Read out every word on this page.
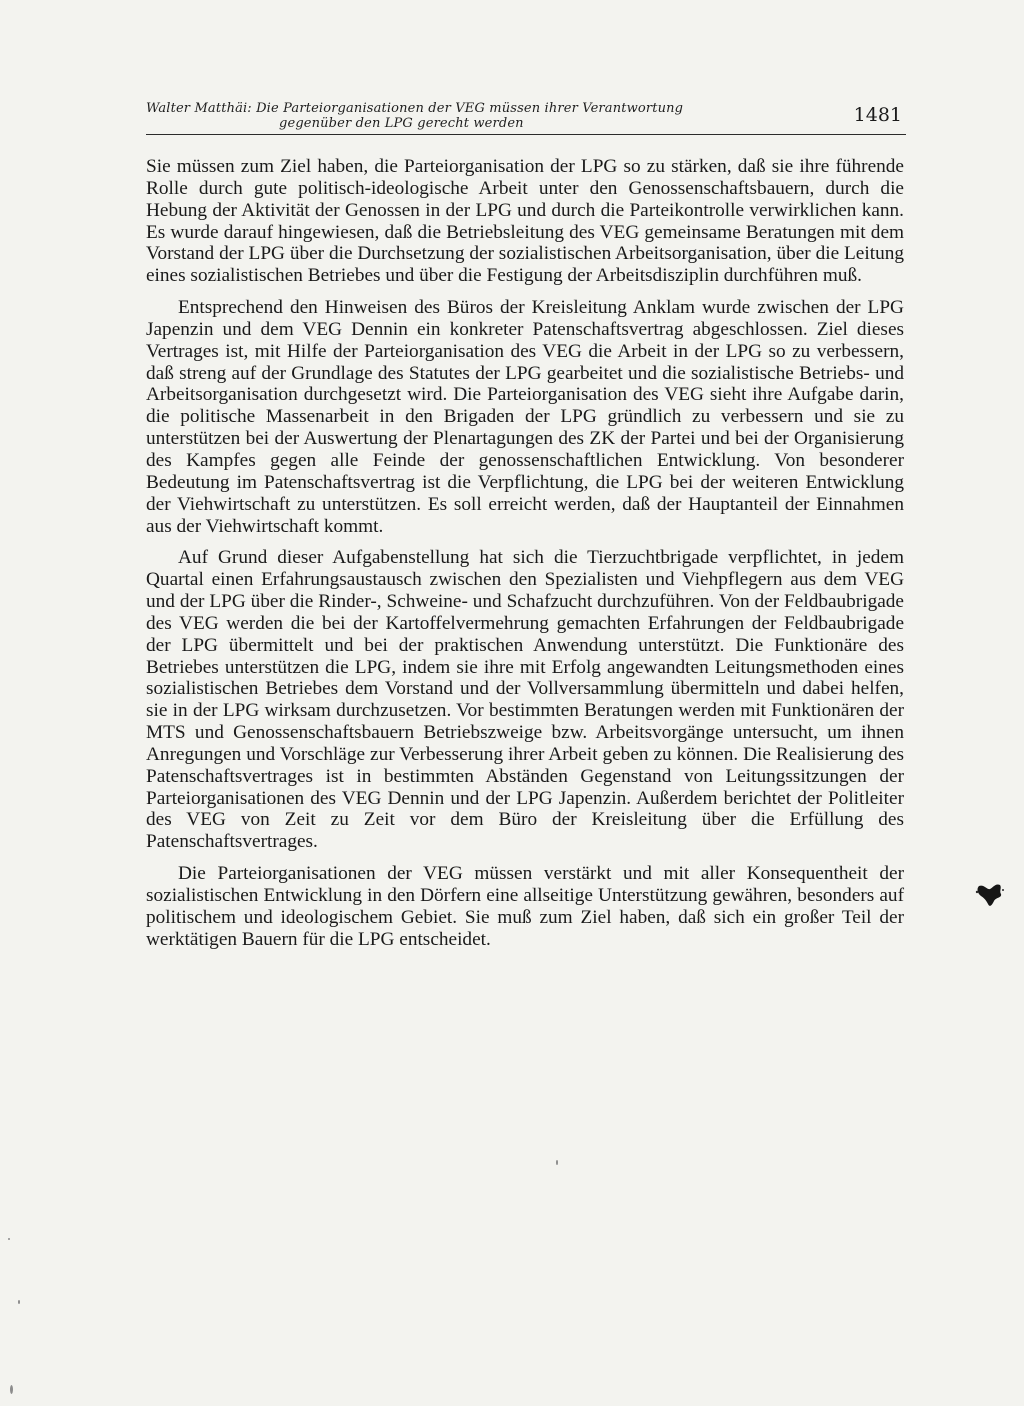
Walter Matthäi: Die Parteiorganisationen der VEG müssen ihrer Verantwortung
gegenüber den LPG gerecht werden	1481

Sie müssen zum Ziel haben, die Parteiorganisation der LPG so zu stärken, daß sie ihre führende Rolle durch gute politisch-ideologische Arbeit unter den Genossenschaftsbauern, durch die Hebung der Aktivität der Genossen in der LPG und durch die Parteikontrolle verwirklichen kann. Es wurde darauf hingewiesen, daß die Betriebsleitung des VEG gemeinsame Beratungen mit dem Vorstand der LPG über die Durchsetzung der sozialistischen Arbeitsorganisation, über die Leitung eines sozialistischen Betriebes und über die Festigung der Arbeitsdisziplin durchführen muß.

Entsprechend den Hinweisen des Büros der Kreisleitung Anklam wurde zwischen der LPG Japenzin und dem VEG Dennin ein konkreter Patenschaftsvertrag abgeschlossen. Ziel dieses Vertrages ist, mit Hilfe der Parteiorganisation des VEG die Arbeit in der LPG so zu verbessern, daß streng auf der Grundlage des Statutes der LPG gearbeitet und die sozialistische Betriebs- und Arbeitsorganisation durchgesetzt wird. Die Parteiorganisation des VEG sieht ihre Aufgabe darin, die politische Massenarbeit in den Brigaden der LPG gründlich zu verbessern und sie zu unterstützen bei der Auswertung der Plenartagungen des ZK der Partei und bei der Organisierung des Kampfes gegen alle Feinde der genossenschaftlichen Entwicklung. Von besonderer Bedeutung im Patenschaftsvertrag ist die Verpflichtung, die LPG bei der weiteren Entwicklung der Viehwirtschaft zu unterstützen. Es soll erreicht werden, daß der Hauptanteil der Einnahmen aus der Viehwirtschaft kommt.

Auf Grund dieser Aufgabenstellung hat sich die Tierzuchtbrigade verpflichtet, in jedem Quartal einen Erfahrungsaustausch zwischen den Spezialisten und Viehpflegern aus dem VEG und der LPG über die Rinder-, Schweine- und Schafzucht durchzuführen. Von der Feldbaubrigade des VEG werden die bei der Kartoffelvermehrung gemachten Erfahrungen der Feldbaubrigade der LPG übermittelt und bei der praktischen Anwendung unterstützt. Die Funktionäre des Betriebes unterstützen die LPG, indem sie ihre mit Erfolg angewandten Leitungsmethoden eines sozialistischen Betriebes dem Vorstand und der Vollversammlung übermitteln und dabei helfen, sie in der LPG wirksam durchzusetzen. Vor bestimmten Beratungen werden mit Funktionären der MTS und Genossenschaftsbauern Betriebszweige bzw. Arbeitsvorgänge untersucht, um ihnen Anregungen und Vorschläge zur Verbesserung ihrer Arbeit geben zu können. Die Realisierung des Patenschaftsvertrages ist in bestimmten Abständen Gegenstand von Leitungssitzungen der Parteiorganisationen des VEG Dennin und der LPG Japenzin. Außerdem berichtet der Politleiter des VEG von Zeit zu Zeit vor dem Büro der Kreisleitung über die Erfüllung des Patenschaftsvertrages.

Die Parteiorganisationen der VEG müssen verstärkt und mit aller Konsequentheit der sozialistischen Entwicklung in den Dörfern eine allseitige Unterstützung gewähren, besonders auf politischem und ideologischem Gebiet. Sie muß zum Ziel haben, daß sich ein großer Teil der werktätigen Bauern für die LPG entscheidet.
